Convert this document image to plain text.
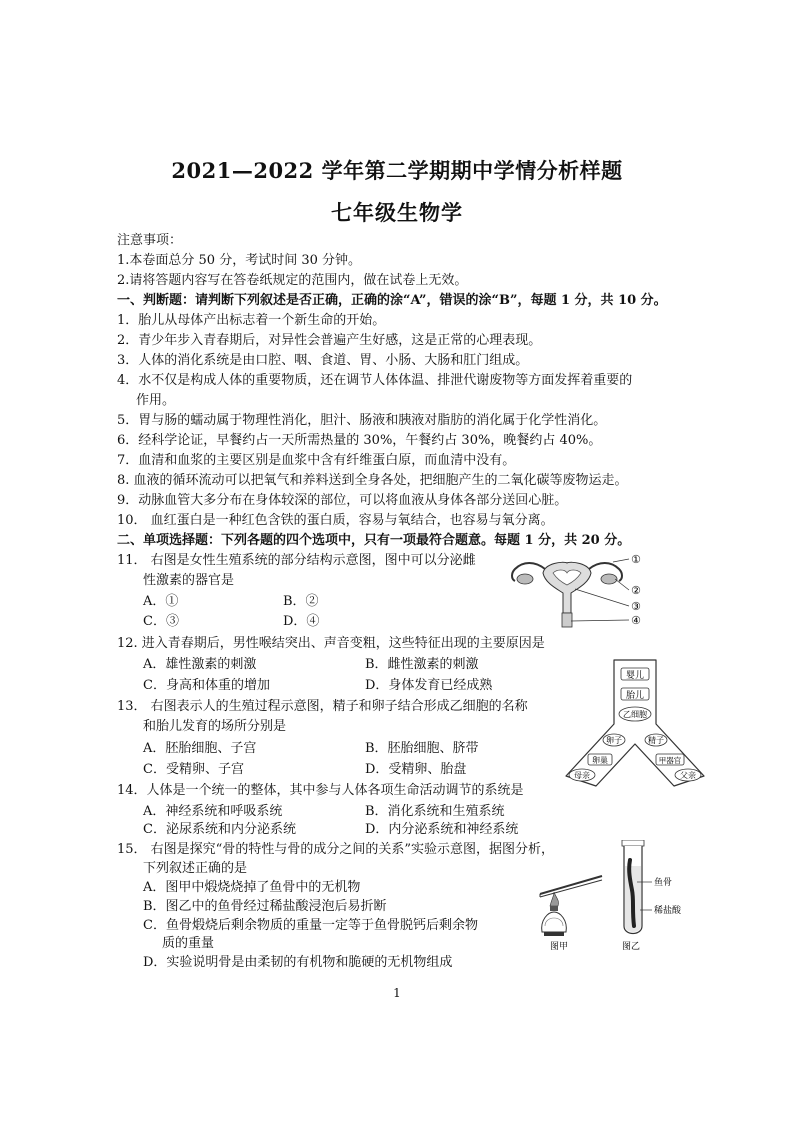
2021—2022 学年第二学期期中学情分析样题
七年级生物学
注意事项：
1.本卷面总分 50 分，考试时间 30 分钟。
2.请将答题内容写在答卷纸规定的范围内，做在试卷上无效。
一、判断题：请判断下列叙述是否正确，正确的涂“A”，错误的涂“B”，每题 1 分，共 10 分。
1．胎儿从母体产出标志着一个新生命的开始。
2．青少年步入青春期后，对异性会普遍产生好感，这是正常的心理表现。
3．人体的消化系统是由口腔、咽、食道、胃、小肠、大肠和肛门组成。
4．水不仅是构成人体的重要物质，还在调节人体体温、排泄代谢废物等方面发挥着重要的
作用。
5．胃与肠的蠕动属于物理性消化，胆汁、肠液和胰液对脂肪的消化属于化学性消化。
6．经科学论证，早餐约占一天所需热量的 30%，午餐约占 30%，晚餐约占 40%。
7．血清和血浆的主要区别是血浆中含有纤维蛋白原，而血清中没有。
8. 血液的循环流动可以把氧气和养料送到全身各处，把细胞产生的二氧化碳等废物运走。
9．动脉血管大多分布在身体较深的部位，可以将血液从身体各部分送回心脏。
10． 血红蛋白是一种红色含铁的蛋白质，容易与氧结合，也容易与氧分离。
二、单项选择题：下列各题的四个选项中，只有一项最符合题意。每题 1 分，共 20 分。
11． 右图是女性生殖系统的部分结构示意图，图中可以分泌雌
性激素的器官是
A．①	B．②
C．③	D．④
①
②
③
④
12. 进入青春期后，男性喉结突出、声音变粗，这些特征出现的主要原因是
A．雄性激素的刺激	B．雌性激素的刺激
C．身高和体重的增加	D．身体发育已经成熟
13． 右图表示人的生殖过程示意图，精子和卵子结合形成乙细胞的名称
和胎儿发育的场所分别是
A．胚胎细胞、子宫	B．胚胎细胞、脐带
C．受精卵、子宫	D．受精卵、胎盘
婴儿
胎儿
乙细胞
卵子	精子
卵巢	甲器官
母亲	父亲
14．人体是一个统一的整体，其中参与人体各项生命活动调节的系统是
A．神经系统和呼吸系统	B．消化系统和生殖系统
C．泌尿系统和内分泌系统	D．内分泌系统和神经系统
15． 右图是探究“骨的特性与骨的成分之间的关系”实验示意图，据图分析，
下列叙述正确的是
A．图甲中煅烧烧掉了鱼骨中的无机物
B．图乙中的鱼骨经过稀盐酸浸泡后易折断
C．鱼骨煅烧后剩余物质的重量一定等于鱼骨脱钙后剩余物
质的重量
D．实验说明骨是由柔韧的有机物和脆硬的无机物组成
图甲
鱼骨
稀盐酸
图乙
1
